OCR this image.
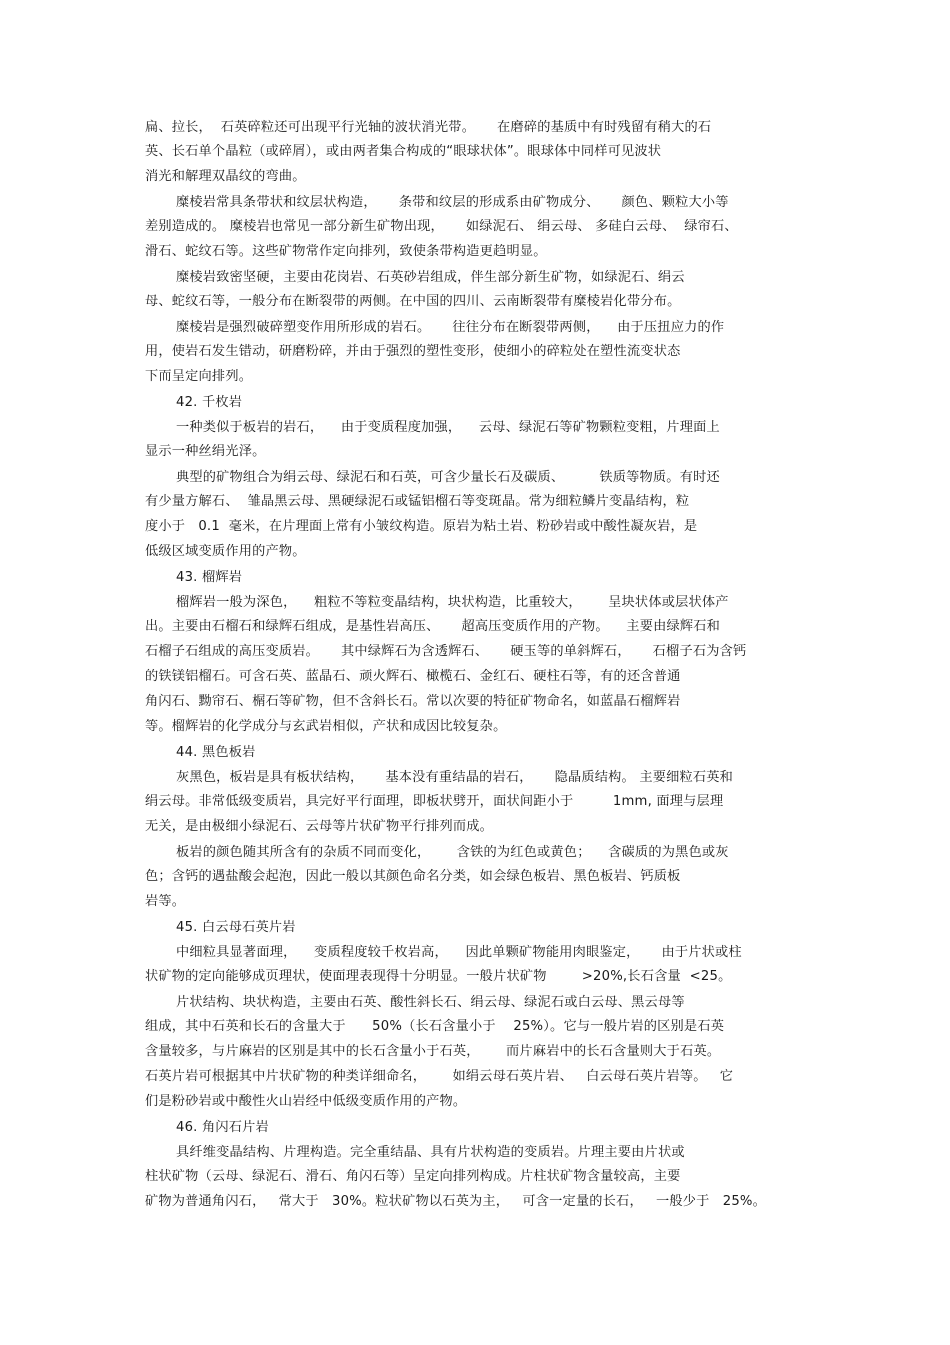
扁、拉长，  石英碎粒还可出现平行光轴的波状消光带。     在磨碎的基质中有时残留有稍大的石
英、长石单个晶粒（或碎屑），或由两者集合构成的“眼球状体”。眼球体中同样可见波状
消光和解理双晶纹的弯曲。
糜棱岩常具条带状和纹层状构造，     条带和纹层的形成系由矿物成分、     颜色、颗粒大小等
差别造成的。 糜棱岩也常见一部分新生矿物出现，     如绿泥石、 绢云母、 多硅白云母、  绿帘石、
滑石、蛇纹石等。这些矿物常作定向排列，致使条带构造更趋明显。
糜棱岩致密坚硬，主要由花岗岩、石英砂岩组成，伴生部分新生矿物，如绿泥石、绢云
母、蛇纹石等，一般分布在断裂带的两侧。在中国的四川、云南断裂带有糜棱岩化带分布。
糜棱岩是强烈破碎塑变作用所形成的岩石。     往往分布在断裂带两侧，    由于压扭应力的作
用，使岩石发生错动，研磨粉碎，并由于强烈的塑性变形，使细小的碎粒处在塑性流变状态
下而呈定向排列。
42. 千枚岩
一种类似于板岩的岩石，    由于变质程度加强，    云母、绿泥石等矿物颗粒变粗，片理面上
显示一种丝绢光泽。
典型的矿物组合为绢云母、绿泥石和石英，可含少量长石及碳质、        铁质等物质。有时还
有少量方解石、  雏晶黑云母、黑硬绿泥石或锰铝榴石等变斑晶。常为细粒鳞片变晶结构，粒
度小于   0.1  毫米，在片理面上常有小皱纹构造。原岩为粘土岩、粉砂岩或中酸性凝灰岩，是
低级区域变质作用的产物。
43. 榴辉岩
榴辉岩一般为深色，    粗粒不等粒变晶结构，块状构造，比重较大，      呈块状体或层状体产
出。主要由石榴石和绿辉石组成，是基性岩高压、     超高压变质作用的产物。    主要由绿辉石和
石榴子石组成的高压变质岩。     其中绿辉石为含透辉石、     硬玉等的单斜辉石，     石榴子石为含钙
的铁镁铝榴石。可含石英、蓝晶石、顽火辉石、橄榄石、金红石、硬柱石等，有的还含普通
角闪石、黝帘石、榍石等矿物，但不含斜长石。常以次要的特征矿物命名，如蓝晶石榴辉岩
等。榴辉岩的化学成分与玄武岩相似，产状和成因比较复杂。
44. 黑色板岩
灰黑色，板岩是具有板状结构，     基本没有重结晶的岩石，     隐晶质结构。 主要细粒石英和
绢云母。非常低级变质岩，具完好平行面理，即板状劈开，面状间距小于         1mm, 面理与层理
无关，是由极细小绿泥石、云母等片状矿物平行排列而成。
板岩的颜色随其所含有的杂质不同而变化，      含铁的为红色或黄色；    含碳质的为黑色或灰
色；含钙的遇盐酸会起泡，因此一般以其颜色命名分类，如会绿色板岩、黑色板岩、钙质板
岩等。
45. 白云母石英片岩
中细粒具显著面理，    变质程度较千枚岩高，    因此单颗矿物能用肉眼鉴定，     由于片状或柱
状矿物的定向能够成页理状，使面理表现得十分明显。一般片状矿物        >20%,长石含量  <25。
片状结构、块状构造，主要由石英、酸性斜长石、绢云母、绿泥石或白云母、黑云母等
组成，其中石英和长石的含量大于      50%（长石含量小于    25%）。它与一般片岩的区别是石英
含量较多，与片麻岩的区别是其中的长石含量小于石英，      而片麻岩中的长石含量则大于石英。
石英片岩可根据其中片状矿物的种类详细命名，      如绢云母石英片岩、   白云母石英片岩等。   它
们是粉砂岩或中酸性火山岩经中低级变质作用的产物。
46. 角闪石片岩
具纤维变晶结构、片理构造。完全重结晶、具有片状构造的变质岩。片理主要由片状或
柱状矿物（云母、绿泥石、滑石、角闪石等）呈定向排列构成。片柱状矿物含量较高，主要
矿物为普通角闪石，   常大于   30%。粒状矿物以石英为主，   可含一定量的长石，   一般少于   25%。
